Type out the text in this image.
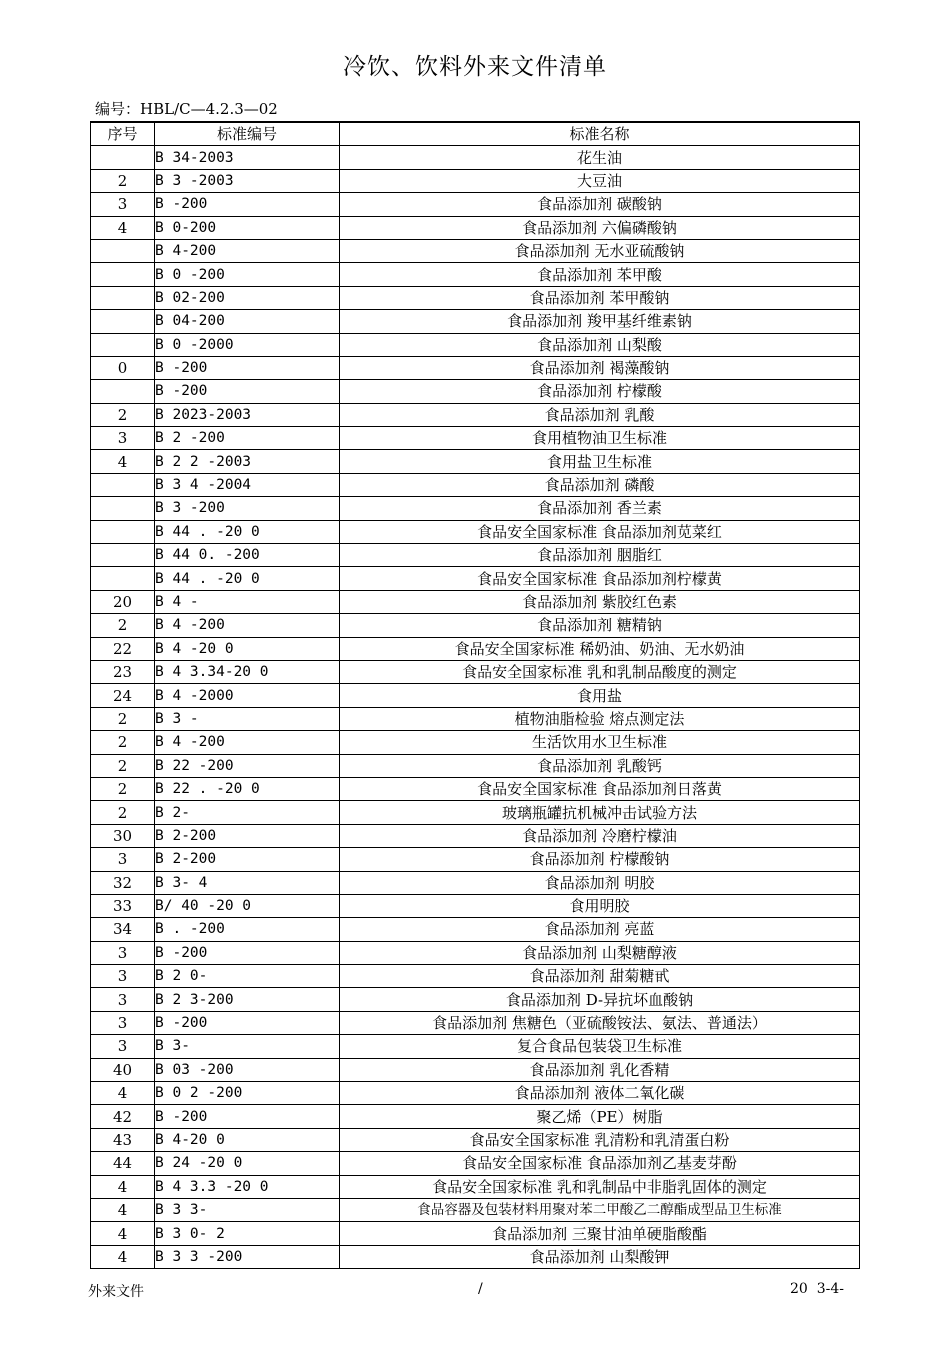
冷饮、饮料外来文件清单
编号：HBL/C—4.2.3—02
序号	标准编号	标准名称
	B 34-2003	花生油
2	B 3 -2003	大豆油
3	B -200	食品添加剂 碳酸钠
4	B 0-200	食品添加剂 六偏磷酸钠
	B 4-200	食品添加剂 无水亚硫酸钠
	B 0 -200	食品添加剂 苯甲酸
	B 02-200	食品添加剂 苯甲酸钠
	B 04-200	食品添加剂 羧甲基纤维素钠
	B 0 -2000	食品添加剂 山梨酸
0	B -200	食品添加剂 褐藻酸钠
	B -200	食品添加剂 柠檬酸
2	B 2023-2003	食品添加剂 乳酸
3	B 2 -200	食用植物油卫生标准
4	B 2 2 -2003	食用盐卫生标准
	B 3 4 -2004	食品添加剂 磷酸
	B 3 -200	食品添加剂 香兰素
	B 44 . -20 0	食品安全国家标准 食品添加剂苋菜红
	B 44 0. -200	食品添加剂 胭脂红
	B 44 . -20 0	食品安全国家标准 食品添加剂柠檬黄
20	B 4 -	食品添加剂 紫胶红色素
2	B 4 -200	食品添加剂 糖精钠
22	B 4 -20 0	食品安全国家标准 稀奶油、奶油、无水奶油
23	B 4 3.34-20 0	食品安全国家标准 乳和乳制品酸度的测定
24	B 4 -2000	食用盐
2	B 3 -	植物油脂检验 熔点测定法
2	B 4 -200	生活饮用水卫生标准
2	B 22 -200	食品添加剂 乳酸钙
2	B 22 . -20 0	食品安全国家标准 食品添加剂日落黄
2	B 2-	玻璃瓶罐抗机械冲击试验方法
30	B 2-200	食品添加剂 冷磨柠檬油
3	B 2-200	食品添加剂 柠檬酸钠
32	B 3- 4	食品添加剂 明胶
33	B/ 40 -20 0	食用明胶
34	B . -200	食品添加剂 亮蓝
3	B -200	食品添加剂 山梨糖醇液
3	B 2 0-	食品添加剂 甜菊糖甙
3	B 2 3-200	食品添加剂 D-异抗坏血酸钠
3	B -200	食品添加剂 焦糖色（亚硫酸铵法、氨法、普通法）
3	B 3-	复合食品包装袋卫生标准
40	B 03 -200	食品添加剂 乳化香精
4	B 0 2 -200	食品添加剂 液体二氧化碳
42	B -200	聚乙烯（PE）树脂
43	B 4-20 0	食品安全国家标准 乳清粉和乳清蛋白粉
44	B 24 -20 0	食品安全国家标准 食品添加剂乙基麦芽酚
4	B 4 3.3 -20 0	食品安全国家标准 乳和乳制品中非脂乳固体的测定
4	B 3 3-	食品容器及包装材料用聚对苯二甲酸乙二醇酯成型品卫生标准
4	B 3 0- 2	食品添加剂 三聚甘油单硬脂酸酯
4	B 3 3 -200	食品添加剂 山梨酸钾
外来文件	/	20  3-4-
